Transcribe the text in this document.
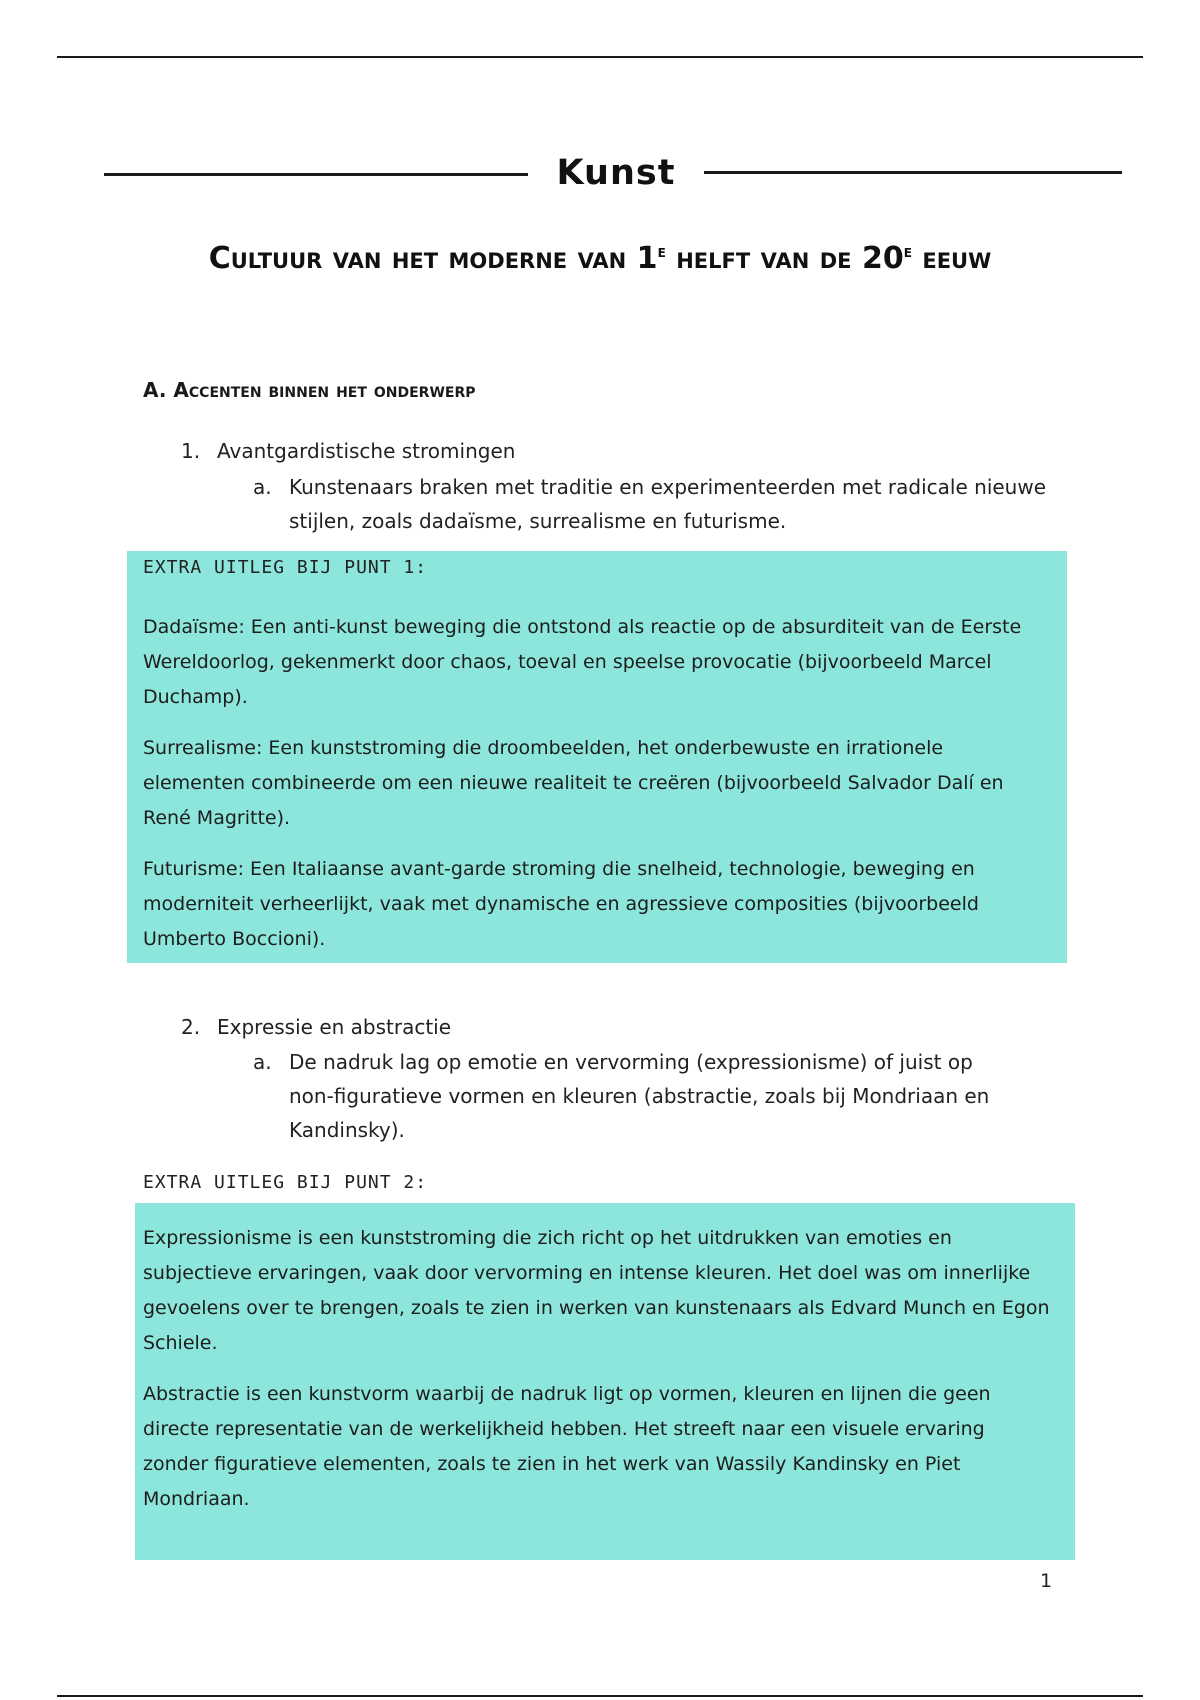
Kunst
Cultuur van het moderne van 1e helft van de 20e eeuw
A. Accenten binnen het onderwerp
1. Avantgardistische stromingen
a. Kunstenaars braken met traditie en experimenteerden met radicale nieuwe stijlen, zoals dadaïsme, surrealisme en futurisme.
EXTRA UITLEG BIJ PUNT 1:

Dadaïsme: Een anti-kunst beweging die ontstond als reactie op de absurditeit van de Eerste Wereldoorlog, gekenmerkt door chaos, toeval en speelse provocatie (bijvoorbeeld Marcel Duchamp).

Surrealisme: Een kunststroming die droombeelden, het onderbewuste en irrationele elementen combineerde om een nieuwe realiteit te creëren (bijvoorbeeld Salvador Dalí en René Magritte).

Futurisme: Een Italiaanse avant-garde stroming die snelheid, technologie, beweging en moderniteit verheerlijkt, vaak met dynamische en agressieve composities (bijvoorbeeld Umberto Boccioni).

2. Expressie en abstractie
a. De nadruk lag op emotie en vervorming (expressionisme) of juist op non-figuratieve vormen en kleuren (abstractie, zoals bij Mondriaan en Kandinsky).
EXTRA UITLEG BIJ PUNT 2:

Expressionisme is een kunststroming die zich richt op het uitdrukken van emoties en subjectieve ervaringen, vaak door vervorming en intense kleuren. Het doel was om innerlijke gevoelens over te brengen, zoals te zien in werken van kunstenaars als Edvard Munch en Egon Schiele.

Abstractie is een kunstvorm waarbij de nadruk ligt op vormen, kleuren en lijnen die geen directe representatie van de werkelijkheid hebben. Het streeft naar een visuele ervaring zonder figuratieve elementen, zoals te zien in het werk van Wassily Kandinsky en Piet Mondriaan.

1
